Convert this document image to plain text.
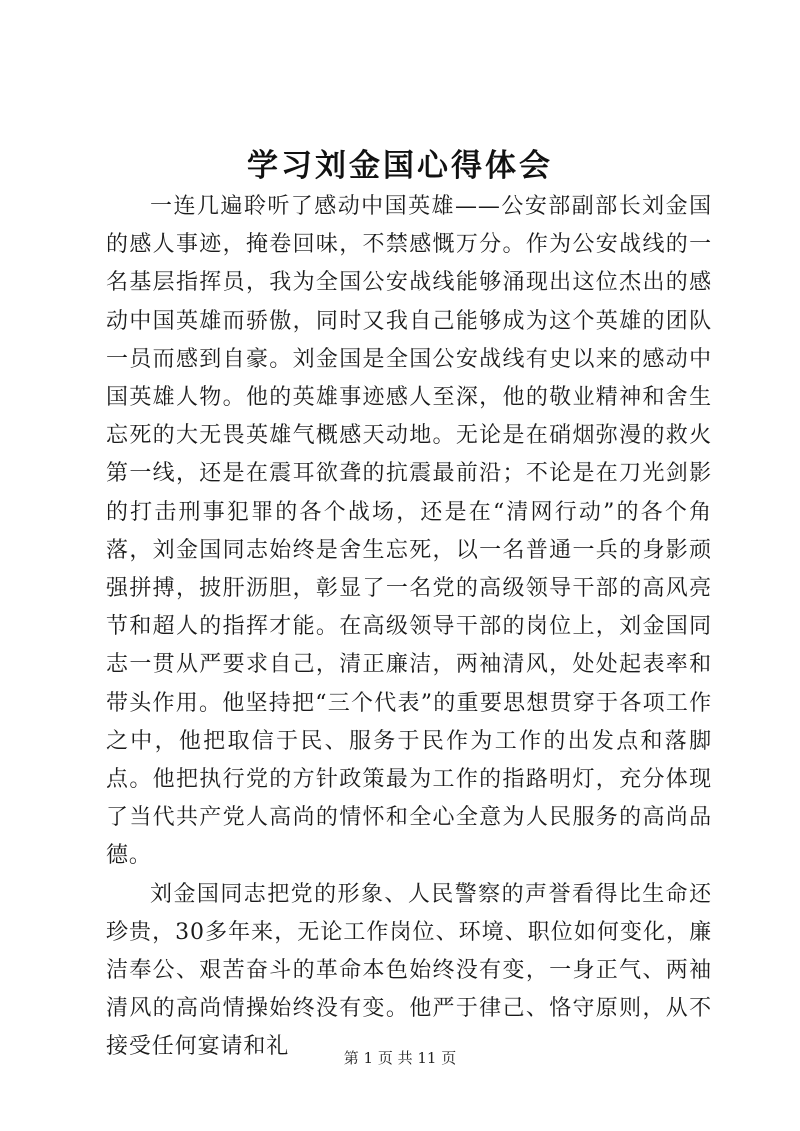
学习刘金国心得体会

一连几遍聆听了感动中国英雄——公安部副部长刘金国的感人事迹，掩卷回味，不禁感慨万分。作为公安战线的一名基层指挥员，我为全国公安战线能够涌现出这位杰出的感动中国英雄而骄傲，同时又我自己能够成为这个英雄的团队一员而感到自豪。刘金国是全国公安战线有史以来的感动中国英雄人物。他的英雄事迹感人至深，他的敬业精神和舍生忘死的大无畏英雄气概感天动地。无论是在硝烟弥漫的救火第一线，还是在震耳欲聋的抗震最前沿；不论是在刀光剑影的打击刑事犯罪的各个战场，还是在“清网行动”的各个角落，刘金国同志始终是舍生忘死，以一名普通一兵的身影顽强拼搏，披肝沥胆，彰显了一名党的高级领导干部的高风亮节和超人的指挥才能。在高级领导干部的岗位上，刘金国同志一贯从严要求自己，清正廉洁，两袖清风，处处起表率和带头作用。他坚持把“三个代表”的重要思想贯穿于各项工作之中，他把取信于民、服务于民作为工作的出发点和落脚点。他把执行党的方针政策最为工作的指路明灯，充分体现了当代共产党人高尚的情怀和全心全意为人民服务的高尚品德。

刘金国同志把党的形象、人民警察的声誉看得比生命还珍贵，30多年来，无论工作岗位、环境、职位如何变化，廉洁奉公、艰苦奋斗的革命本色始终没有变，一身正气、两袖清风的高尚情操始终没有变。他严于律己、恪守原则，从不接受任何宴请和礼	第 1 页 共 11 页
